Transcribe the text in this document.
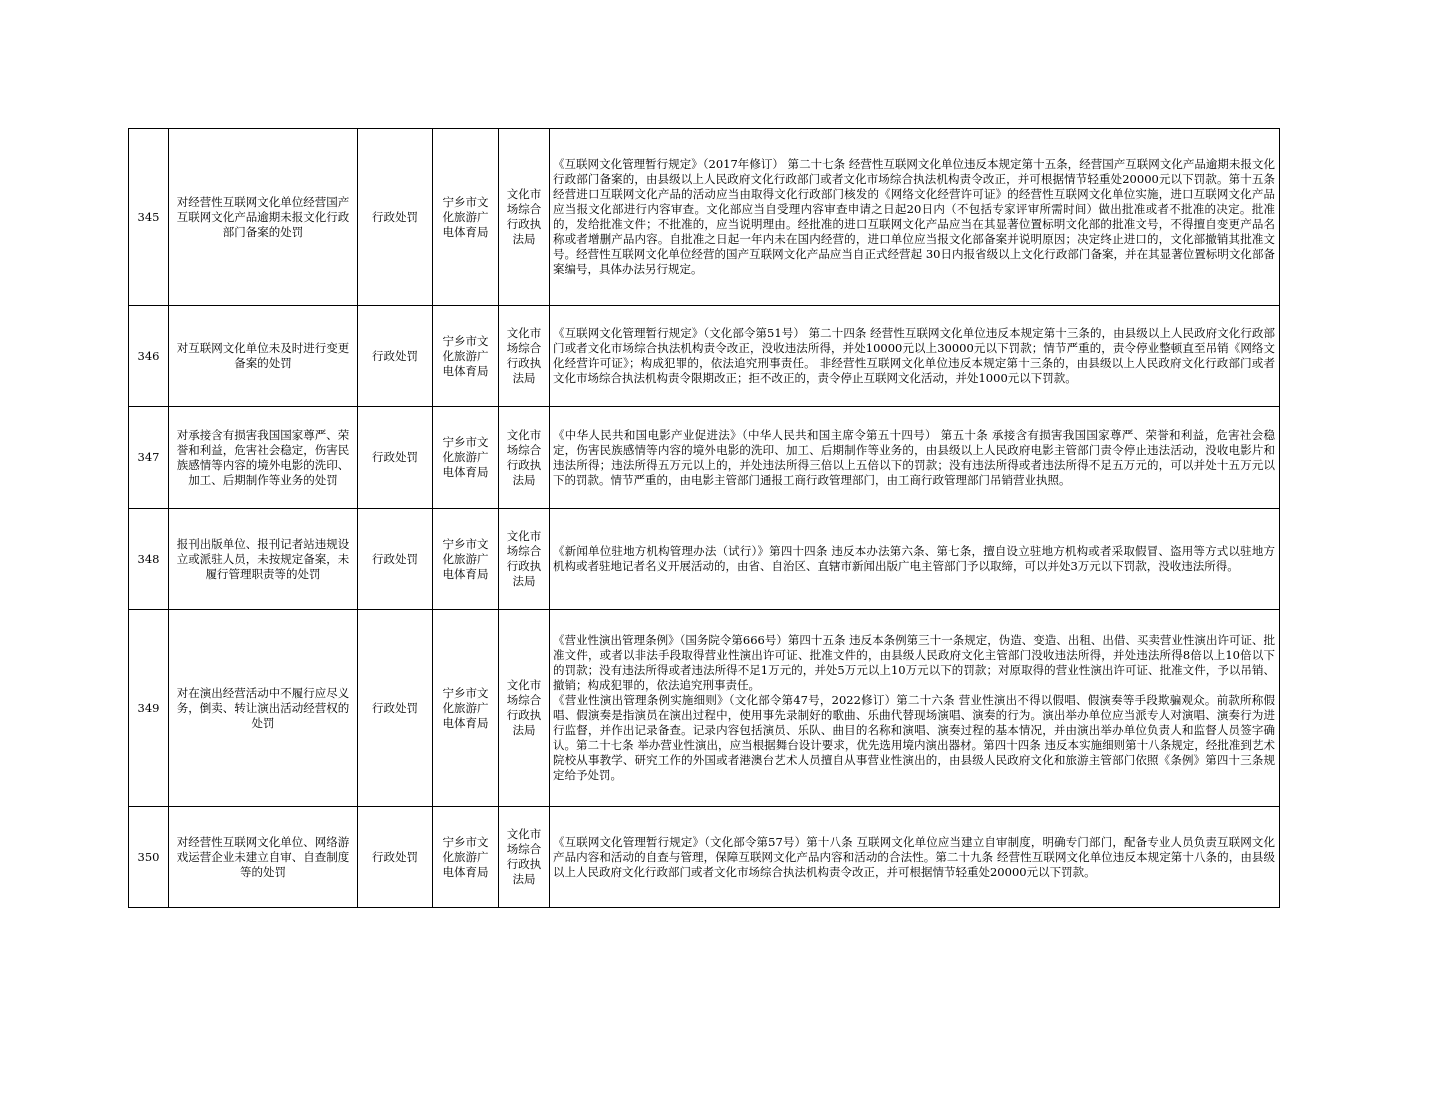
345	对经营性互联网文化单位经营国产互联网文化产品逾期未报文化行政部门备案的处罚	行政处罚	宁乡市文化旅游广电体育局	文化市场综合行政执法局	《互联网文化管理暂行规定》（2017年修订） 第二十七条 经营性互联网文化单位违反本规定第十五条，经营国产互联网文化产品逾期未报文化行政部门备案的，由县级以上人民政府文化行政部门或者文化市场综合执法机构责令改正，并可根据情节轻重处20000元以下罚款。第十五条 经营进口互联网文化产品的活动应当由取得文化行政部门核发的《网络文化经营许可证》的经营性互联网文化单位实施，进口互联网文化产品应当报文化部进行内容审查。文化部应当自受理内容审查申请之日起20日内（不包括专家评审所需时间）做出批准或者不批准的决定。批准的，发给批准文件；不批准的，应当说明理由。经批准的进口互联网文化产品应当在其显著位置标明文化部的批准文号，不得擅自变更产品名称或者增删产品内容。自批准之日起一年内未在国内经营的，进口单位应当报文化部备案并说明原因；决定终止进口的，文化部撤销其批准文号。经营性互联网文化单位经营的国产互联网文化产品应当自正式经营起 30日内报省级以上文化行政部门备案，并在其显著位置标明文化部备案编号，具体办法另行规定。

346	对互联网文化单位未及时进行变更备案的处罚	行政处罚	宁乡市文化旅游广电体育局	文化市场综合行政执法局	《互联网文化管理暂行规定》（文化部令第51号） 第二十四条 经营性互联网文化单位违反本规定第十三条的，由县级以上人民政府文化行政部门或者文化市场综合执法机构责令改正，没收违法所得，并处10000元以上30000元以下罚款；情节严重的，责令停业整顿直至吊销《网络文化经营许可证》；构成犯罪的，依法追究刑事责任。 非经营性互联网文化单位违反本规定第十三条的，由县级以上人民政府文化行政部门或者文化市场综合执法机构责令限期改正；拒不改正的，责令停止互联网文化活动，并处1000元以下罚款。

347	对承接含有损害我国国家尊严、荣誉和利益，危害社会稳定，伤害民族感情等内容的境外电影的洗印、加工、后期制作等业务的处罚	行政处罚	宁乡市文化旅游广电体育局	文化市场综合行政执法局	《中华人民共和国电影产业促进法》（中华人民共和国主席令第五十四号） 第五十条 承接含有损害我国国家尊严、荣誉和利益，危害社会稳定，伤害民族感情等内容的境外电影的洗印、加工、后期制作等业务的，由县级以上人民政府电影主管部门责令停止违法活动，没收电影片和违法所得；违法所得五万元以上的，并处违法所得三倍以上五倍以下的罚款；没有违法所得或者违法所得不足五万元的，可以并处十五万元以下的罚款。情节严重的，由电影主管部门通报工商行政管理部门，由工商行政管理部门吊销营业执照。

348	报刊出版单位、报刊记者站违规设立或派驻人员，未按规定备案，未履行管理职责等的处罚	行政处罚	宁乡市文化旅游广电体育局	文化市场综合行政执法局	《新闻单位驻地方机构管理办法（试行）》第四十四条 违反本办法第六条、第七条，擅自设立驻地方机构或者采取假冒、盗用等方式以驻地方机构或者驻地记者名义开展活动的，由省、自治区、直辖市新闻出版广电主管部门予以取缔，可以并处3万元以下罚款，没收违法所得。

349	对在演出经营活动中不履行应尽义务，倒卖、转让演出活动经营权的处罚	行政处罚	宁乡市文化旅游广电体育局	文化市场综合行政执法局	《营业性演出管理条例》（国务院令第666号）第四十五条 违反本条例第三十一条规定，伪造、变造、出租、出借、买卖营业性演出许可证、批准文件，或者以非法手段取得营业性演出许可证、批准文件的，由县级人民政府文化主管部门没收违法所得，并处违法所得8倍以上10倍以下的罚款；没有违法所得或者违法所得不足1万元的，并处5万元以上10万元以下的罚款；对原取得的营业性演出许可证、批准文件，予以吊销、撤销；构成犯罪的，依法追究刑事责任。
《营业性演出管理条例实施细则》（文化部令第47号，2022修订）第二十六条 营业性演出不得以假唱、假演奏等手段欺骗观众。前款所称假唱、假演奏是指演员在演出过程中，使用事先录制好的歌曲、乐曲代替现场演唱、演奏的行为。演出举办单位应当派专人对演唱、演奏行为进行监督，并作出记录备查。记录内容包括演员、乐队、曲目的名称和演唱、演奏过程的基本情况，并由演出举办单位负责人和监督人员签字确认。第二十七条 举办营业性演出，应当根据舞台设计要求，优先选用境内演出器材。第四十四条 违反本实施细则第十八条规定，经批准到艺术院校从事教学、研究工作的外国或者港澳台艺术人员擅自从事营业性演出的，由县级人民政府文化和旅游主管部门依照《条例》第四十三条规定给予处罚。

350	对经营性互联网文化单位、网络游戏运营企业未建立自审、自查制度等的处罚	行政处罚	宁乡市文化旅游广电体育局	文化市场综合行政执法局	《互联网文化管理暂行规定》（文化部令第57号）第十八条 互联网文化单位应当建立自审制度，明确专门部门，配备专业人员负责互联网文化产品内容和活动的自查与管理，保障互联网文化产品内容和活动的合法性。第二十九条 经营性互联网文化单位违反本规定第十八条的，由县级以上人民政府文化行政部门或者文化市场综合执法机构责令改正，并可根据情节轻重处20000元以下罚款。
